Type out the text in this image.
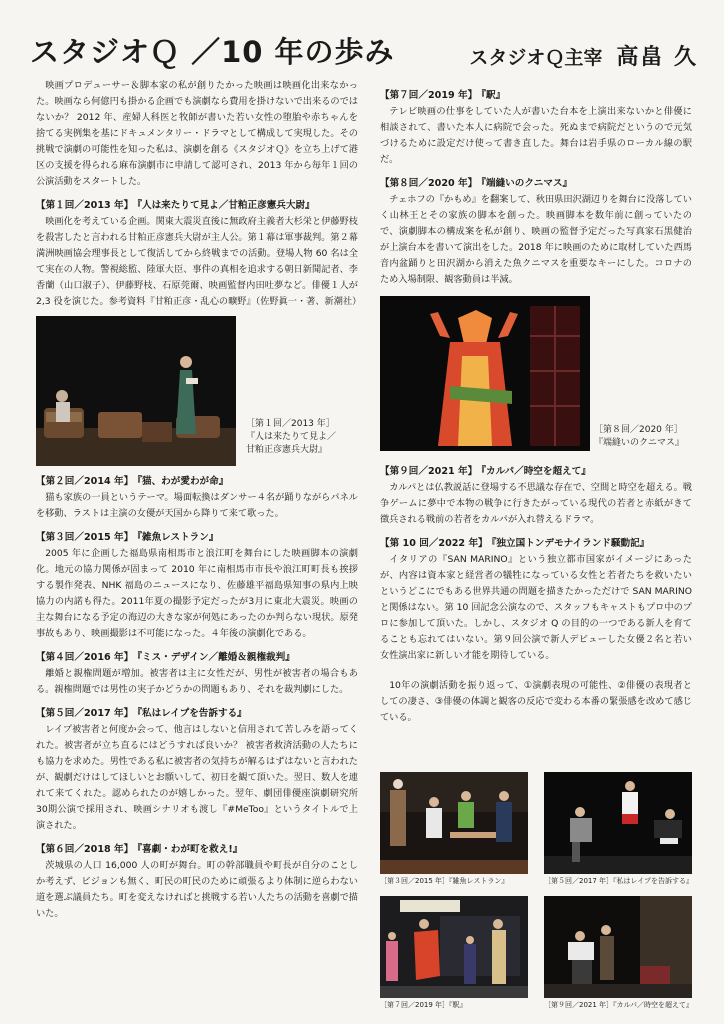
スタジオＱ ／10 年の歩み	スタジオＱ主宰 高畠 久

映画プロデューサー＆脚本家の私が創りたかった映画は映画化出来なかった。映画なら何億円も掛かる企画でも演劇なら費用を掛けないで出来るのではないか？ 2012 年、産婦人科医と牧師が書いた若い女性の堕胎や赤ちゃんを捨てる実例集を基にドキュメンタリー・ドラマとして構成して実現した。その挑戦で演劇の可能性を知った私は、演劇を創る《スタジオＱ》を立ち上げて港区の支援を得られる麻布演劇市に申請して認可され、2013 年から毎年１回の公演活動をスタートした。

【第１回／2013 年】 『人は来たりて見よ／甘粕正彦憲兵大尉』

映画化を考えている企画。関東大震災直後に無政府主義者大杉栄と伊藤野枝を殺害したと言われる甘粕正彦憲兵大尉が主人公。第１幕は軍事裁判。第２幕満洲映画協会理事長として復活してから終戦までの活動。登場人物 60 名は全て実在の人物。警視総監、陸軍大臣、事件の真相を追求する朝日新聞記者、李香蘭（山口淑子）、伊藤野枝、石原莞爾、映画監督内田吐夢など。俳優１人が 2,3 役を演じた。参考資料『甘粕正彦・乱心の曠野』（佐野眞一・著、新潮社）

［第１回／2013 年］
『人は来たりて見よ／
甘粕正彦憲兵大尉』

【第２回／2014 年】 『猫、わが愛わが命』

猫も家族の一員というテーマ。場面転換はダンサー４名が踊りながらパネルを移動、ラストは主演の女優が天国から降りて来て歌った。

【第３回／2015 年】 『雑魚レストラン』

2005 年に企画した福島県南相馬市と浪江町を舞台にした映画脚本の演劇化。地元の協力関係が固まって 2010 年に南相馬市市長や浪江町町長も挨拶する製作発表、NHK 福島のニュースになり、佐藤雄平福島県知事の県内上映協力の内諾も得た。2011年夏の撮影予定だったが3月に東北大震災。映画の主な舞台になる予定の海辺の大きな家が何処にあったのか判らない現状。原発事故もあり、映画撮影は不可能になった。４年後の演劇化である。

【第４回／2016 年】 『ミス・デザイン／離婚＆親権裁判』

離婚と親権問題が増加。被害者は主に女性だが、男性が被害者の場合もある。親権問題では男性の実子かどうかの問題もあり、それを裁判劇にした。

【第５回／2017 年】 『私はレイプを告訴する』

レイプ被害者と何度か会って、他言はしないと信用されて苦しみを語ってくれた。被害者が立ち直るにはどうすれば良いか？ 被害者救済活動の人たちにも協力を求めた。男性である私に被害者の気持ちが解るはずはないと言われたが、観劇だけはしてほしいとお願いして、初日を観て頂いた。翌日、数人を連れて来てくれた。認められたのが嬉しかった。翌年、劇団俳優座演劇研究所30期公演で採用され、映画シナリオも渡し『#MeToo』というタイトルで上演された。

【第６回／2018 年】 『喜劇・わが町を救え!』

茨城県の人口 16,000 人の町が舞台。町の幹部職員や町長が自分のことしか考えず、ビジョンも無く、町民の町民のために頑張るより体制に逆らわない道を選ぶ議員たち。町を変えなければと挑戦する若い人たちの活動を喜劇で描いた。

【第７回／2019 年】 『駅』

テレビ映画の仕事をしていた人が書いた台本を上演出来ないかと俳優に相談されて、書いた本人に病院で会った。死ぬまで病院だというので元気づけるために設定だけ使って書き直した。舞台は岩手県のローカル線の駅だ。

【第８回／2020 年】 『端縫いのクニマス』

チェホフの『かもめ』を翻案して、秋田県田沢湖辺りを舞台に没落していく山林王とその家族の脚本を創った。映画脚本を数年前に創っていたので、演劇脚本の構成案を私が創り、映画の監督予定だった写真家石黒健治が上演台本を書いて演出をした。2018 年に映画のために取材していた西馬音内盆踊りと田沢湖から消えた魚クニマスを重要なキーにした。コロナのため入場制限、観客動員は半減。

［第８回／2020 年］
『端縫いのクニマス』

【第９回／2021 年】 『カルパ／時空を超えて』

カルパとは仏教説話に登場する不思議な存在で、空間と時空を超える。戦争ゲームに夢中で本物の戦争に行きたがっている現代の若者と赤紙がきて徴兵される戦前の若者をカルパが入れ替えるドラマ。

【第 10 回／2022 年】 『独立国トンデモナイランド騒動記』

イタリアの『SAN MARINO』という独立都市国家がイメージにあったが、内容は資本家と経営者の犠牲になっている女性と若者たちを救いたいというどこにでもある世界共通の問題を描きたかっただけで SAN MARINO と関係はない。第 10 回記念公演なので、スタッフもキャストもプロ中のプロに参加して頂いた。しかし、スタジオ Q の目的の一つである新人を育てることも忘れてはいない。第９回公演で新人デビューした女優２名と若い女性演出家に新しい才能を期待している。

10年の演劇活動を振り返って、①演劇表現の可能性、②俳優の表現者としての凄さ、③俳優の体調と観客の反応で変わる本番の緊張感を改めて感じている。

［第３回／2015 年］『雑魚レストラン』	［第５回／2017 年］『私はレイプを告訴する』
［第７回／2019 年］『駅』	［第９回／2021 年］『カルパ／時空を超えて』
